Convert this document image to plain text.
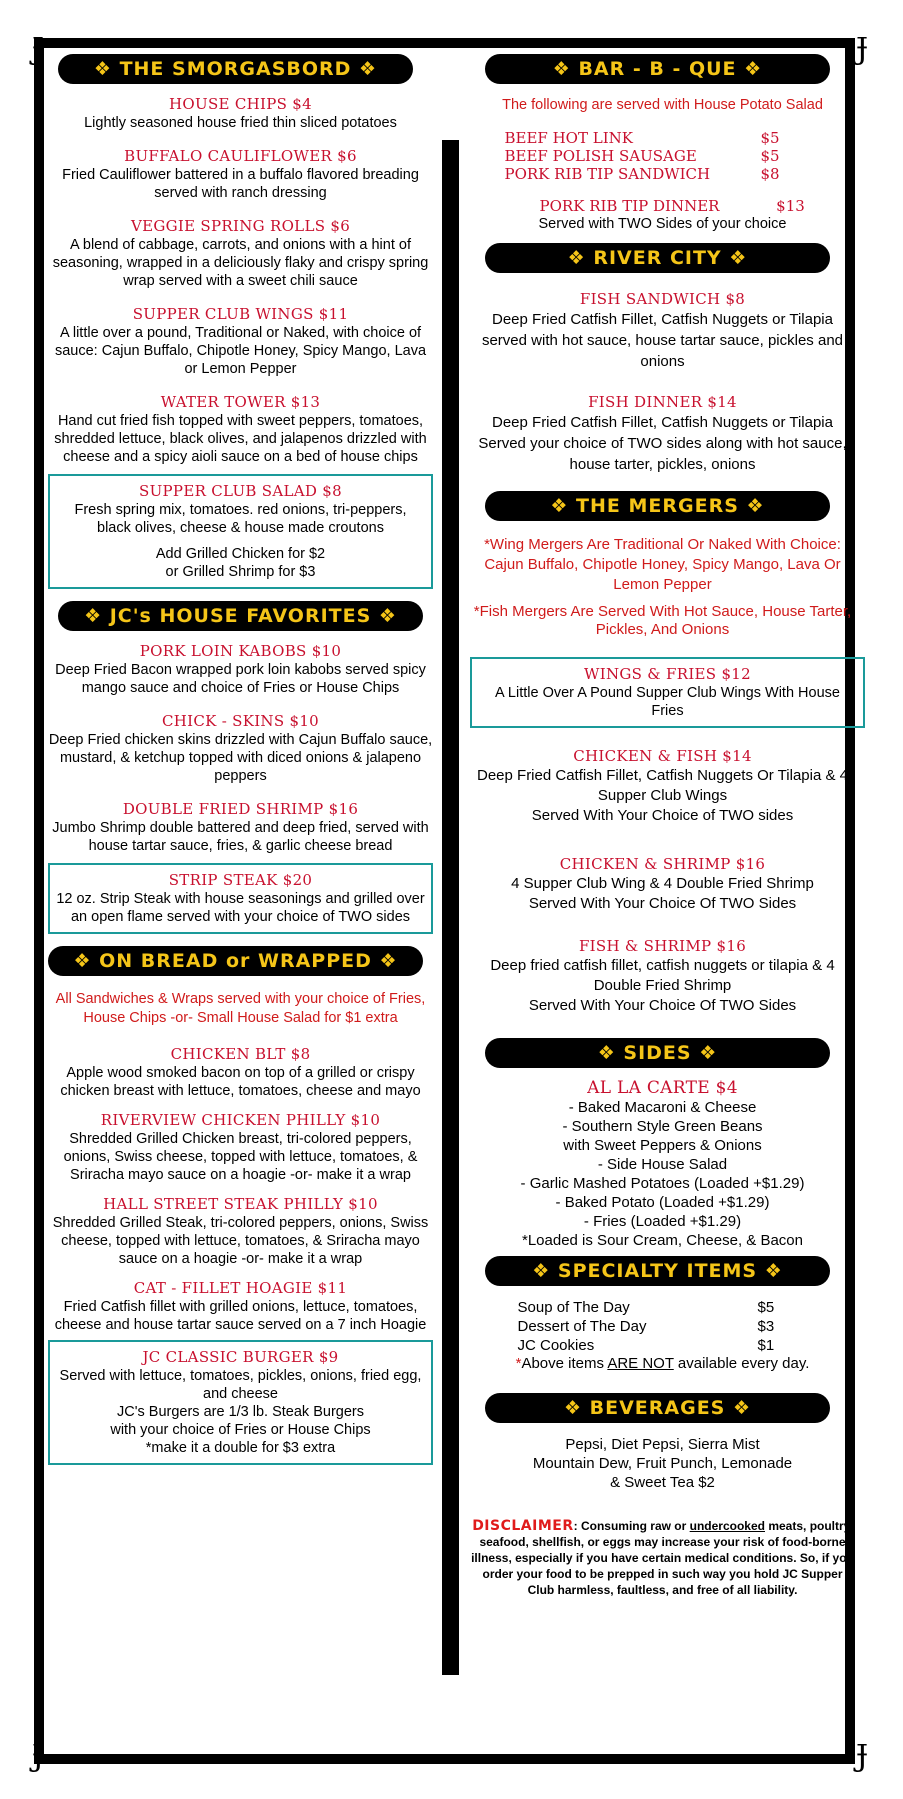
Ɉ	Ɉ
Ɉ	Ɉ
❖ THE SMORGASBORD ❖
HOUSE CHIPS $4
Lightly seasoned house fried thin sliced potatoes
BUFFALO CAULIFLOWER $6
Fried Cauliflower battered in a buffalo flavored breading served with ranch dressing
VEGGIE SPRING ROLLS $6
A blend of cabbage, carrots, and onions with a hint of seasoning, wrapped in a deliciously flaky and crispy spring wrap served with a sweet chili sauce
SUPPER CLUB WINGS $11
A little over a pound, Traditional or Naked, with choice of sauce: Cajun Buffalo, Chipotle Honey, Spicy Mango, Lava or Lemon Pepper
WATER TOWER $13
Hand cut fried fish topped with sweet peppers, tomatoes, shredded lettuce, black olives, and jalapenos drizzled with cheese and a spicy aioli sauce on a bed of house chips
SUPPER CLUB SALAD $8
Fresh spring mix, tomatoes. red onions, tri-peppers, black olives, cheese & house made croutons
Add Grilled Chicken for $2
or Grilled Shrimp for $3
❖ JC's HOUSE FAVORITES ❖
PORK LOIN KABOBS $10
Deep Fried Bacon wrapped pork loin kabobs served spicy mango sauce and choice of Fries or House Chips
CHICK - SKINS $10
Deep Fried chicken skins drizzled with Cajun Buffalo sauce, mustard, & ketchup topped with diced onions & jalapeno peppers
DOUBLE FRIED SHRIMP $16
Jumbo Shrimp double battered and deep fried, served with house tartar sauce, fries, & garlic cheese bread
STRIP STEAK $20
12 oz. Strip Steak with house seasonings and grilled over an open flame served with your choice of TWO sides
❖ ON BREAD or WRAPPED ❖
All Sandwiches & Wraps served with your choice of Fries, House Chips -or- Small House Salad for $1 extra
CHICKEN BLT $8
Apple wood smoked bacon on top of a grilled or crispy chicken breast with lettuce, tomatoes, cheese and mayo
RIVERVIEW CHICKEN PHILLY $10
Shredded Grilled Chicken breast, tri-colored peppers, onions, Swiss cheese, topped with lettuce, tomatoes, & Sriracha mayo sauce on a hoagie -or- make it a wrap
HALL STREET STEAK PHILLY $10
Shredded Grilled Steak, tri-colored peppers, onions, Swiss cheese, topped with lettuce, tomatoes, & Sriracha mayo sauce on a hoagie -or- make it a wrap
CAT - FILLET HOAGIE $11
Fried Catfish fillet with grilled onions, lettuce, tomatoes, cheese and house tartar sauce served on a 7 inch Hoagie
JC CLASSIC BURGER $9
Served with lettuce, tomatoes, pickles, onions, fried egg, and cheese
JC's Burgers are 1/3 lb. Steak Burgers
with your choice of Fries or House Chips
*make it a double for $3 extra
❖ BAR - B - QUE ❖
The following are served with House Potato Salad
BEEF HOT LINK	$5
BEEF POLISH SAUSAGE	$5
PORK RIB TIP SANDWICH	$8
PORK RIB TIP DINNER	$13
Served with TWO Sides of your choice
❖ RIVER CITY ❖
FISH SANDWICH $8
Deep Fried Catfish Fillet, Catfish Nuggets or Tilapia served with hot sauce, house tartar sauce, pickles and onions
FISH DINNER $14
Deep Fried Catfish Fillet, Catfish Nuggets or Tilapia
Served your choice of TWO sides along with hot sauce, house tarter, pickles, onions
❖ THE MERGERS ❖
*Wing Mergers Are Traditional Or Naked With Choice: Cajun Buffalo, Chipotle Honey, Spicy Mango, Lava Or Lemon Pepper
*Fish Mergers Are Served With Hot Sauce, House Tarter, Pickles, And Onions
WINGS & FRIES $12
A Little Over A Pound Supper Club Wings With House Fries
CHICKEN & FISH $14
Deep Fried Catfish Fillet, Catfish Nuggets Or Tilapia & 4 Supper Club Wings
Served With Your Choice of TWO sides
CHICKEN & SHRIMP $16
4 Supper Club Wing & 4 Double Fried Shrimp
Served With Your Choice Of TWO Sides
FISH & SHRIMP $16
Deep fried catfish fillet, catfish nuggets or tilapia & 4 Double Fried Shrimp
Served With Your Choice Of TWO Sides
❖ SIDES ❖
AL LA CARTE $4
- Baked Macaroni & Cheese
- Southern Style Green Beans
with Sweet Peppers & Onions
- Side House Salad
- Garlic Mashed Potatoes (Loaded +$1.29)
- Baked Potato (Loaded +$1.29)
- Fries (Loaded +$1.29)
*Loaded is Sour Cream, Cheese, & Bacon
❖ SPECIALTY ITEMS ❖
Soup of The Day	$5
Dessert of The Day	$3
JC Cookies	$1
*Above items ARE NOT available every day.
❖ BEVERAGES ❖
Pepsi, Diet Pepsi, Sierra Mist
Mountain Dew, Fruit Punch, Lemonade
& Sweet Tea $2
DISCLAIMER: Consuming raw or undercooked meats, poultry, seafood, shellfish, or eggs may increase your risk of food-borne illness, especially if you have certain medical conditions. So, if you order your food to be prepped in such way you hold JC Supper Club harmless, faultless, and free of all liability.
